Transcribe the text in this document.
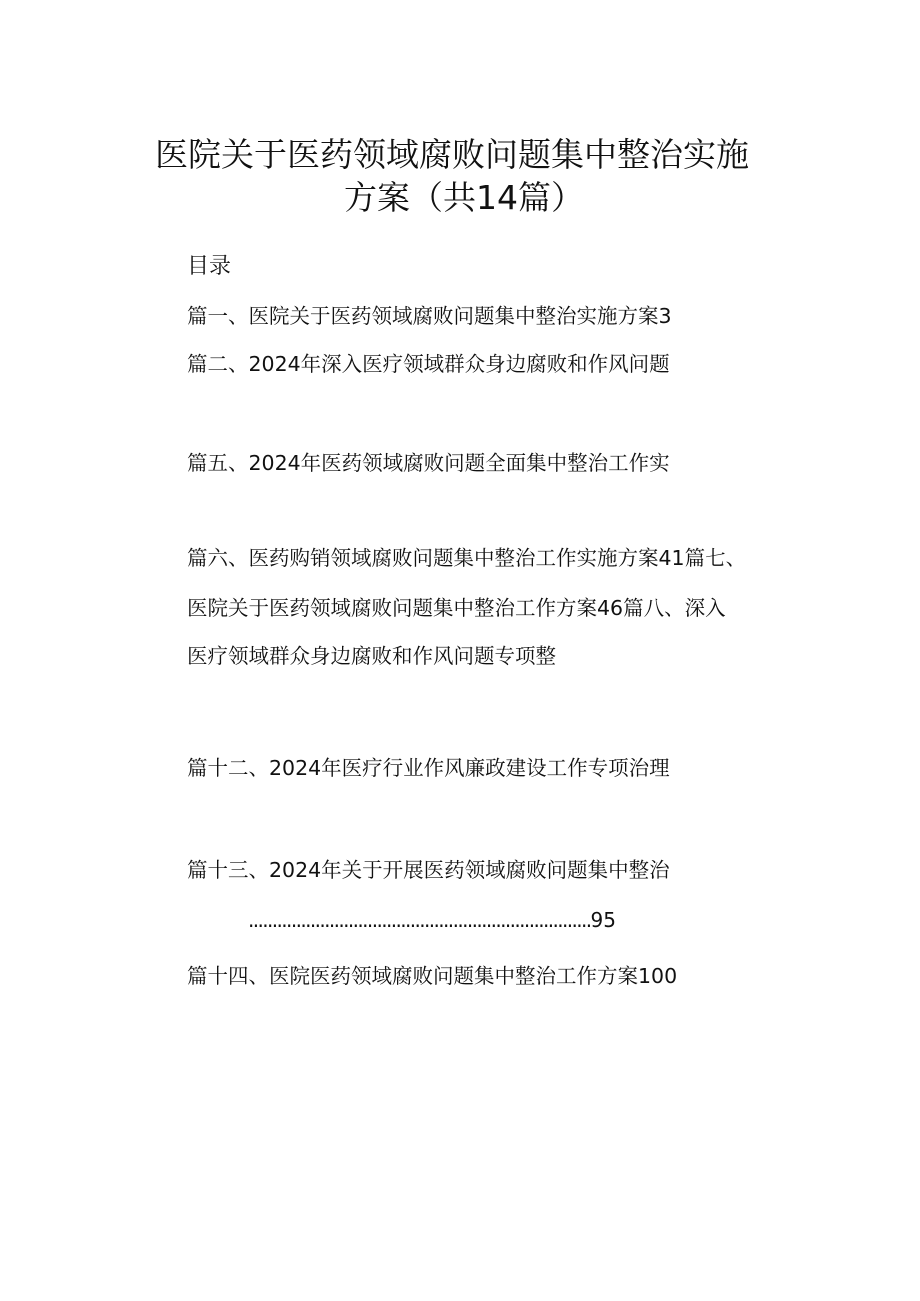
医院关于医药领域腐败问题集中整治实施
方案（共14篇）
目录
篇一、医院关于医药领域腐败问题集中整治实施方案3
篇二、2024年深入医疗领域群众身边腐败和作风问题
篇五、2024年医药领域腐败问题全面集中整治工作实
篇六、医药购销领域腐败问题集中整治工作实施方案41篇七、
医院关于医药领域腐败问题集中整治工作方案46篇八、深入
医疗领域群众身边腐败和作风问题专项整
篇十二、2024年医疗行业作风廉政建设工作专项治理
篇十三、2024年关于开展医药领域腐败问题集中整治
........................................................................95
篇十四、医院医药领域腐败问题集中整治工作方案100
